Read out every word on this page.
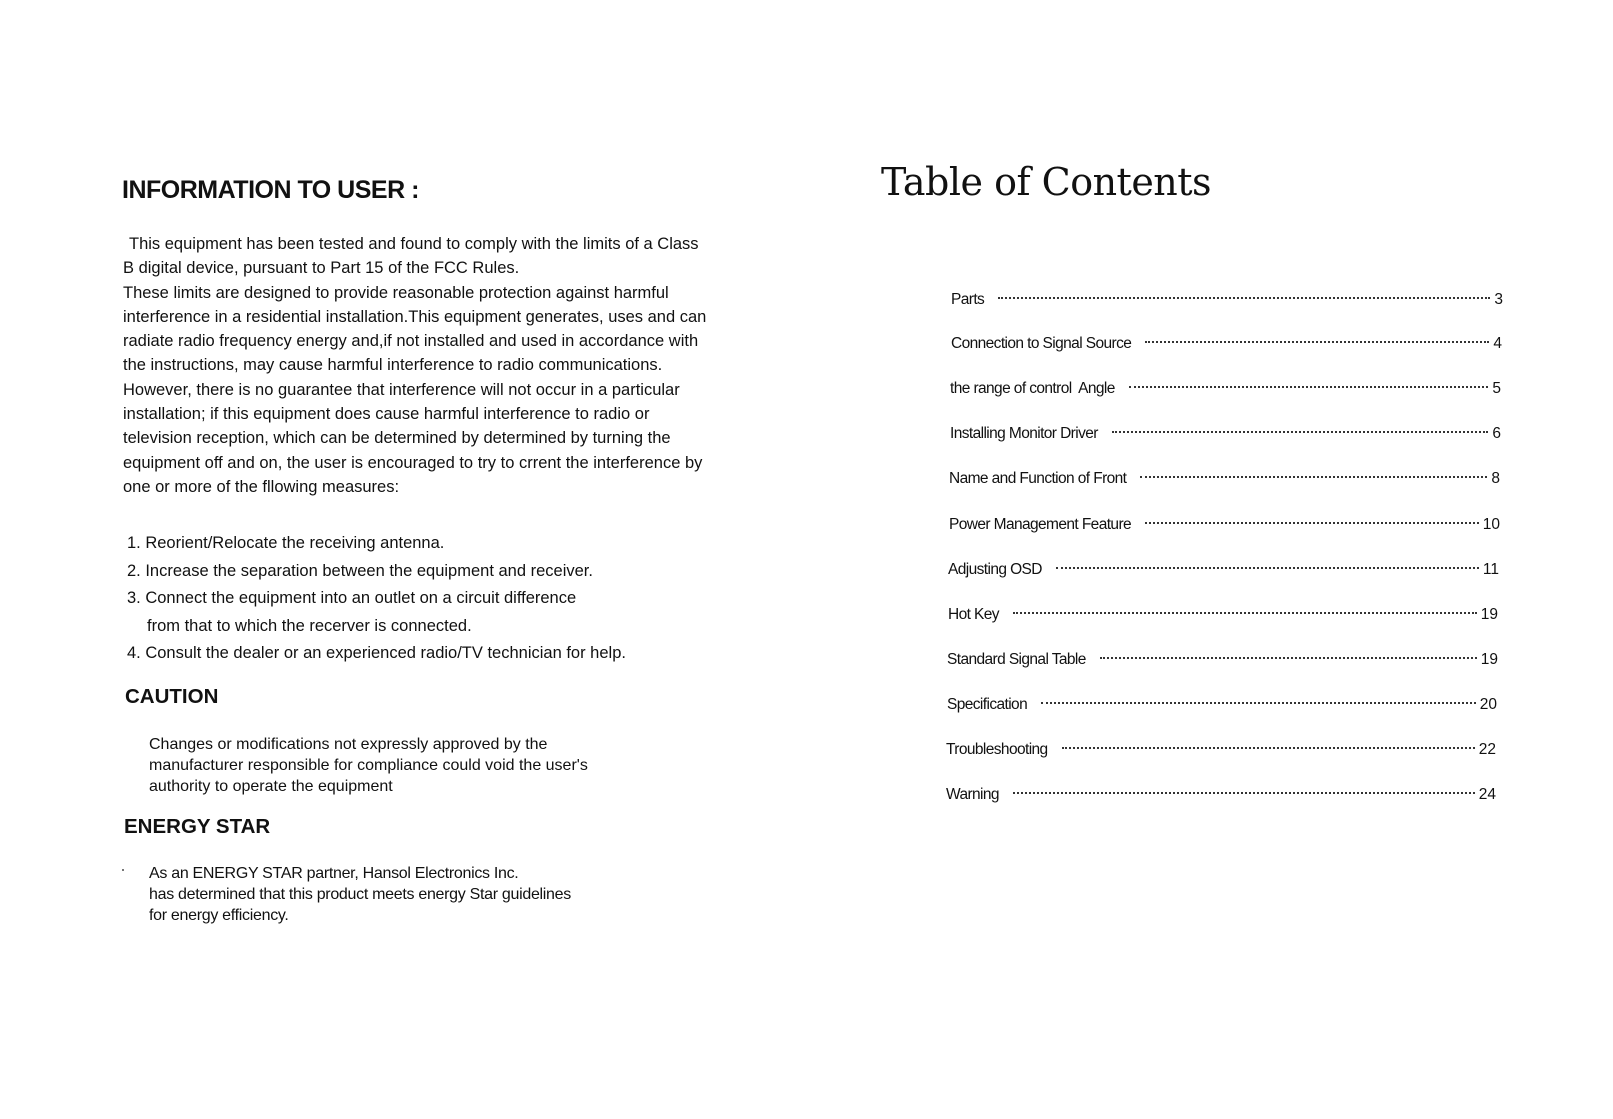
INFORMATION TO USER :

This equipment has been tested and found to comply with the limits of a Class
B digital device, pursuant to Part 15 of the FCC Rules.
These limits are designed to provide reasonable protection against harmful
interference in a residential installation.This equipment generates, uses and can
radiate radio frequency energy and,if not installed and used in accordance with
the instructions, may cause harmful interference to radio communications.
However, there is no guarantee that interference will not occur in a particular
installation; if this equipment does cause harmful interference to radio or
television reception, which can be determined by determined by turning the
equipment off and on, the user is encouraged to try to crrent the interference by
one or more of the fllowing measures:

1. Reorient/Relocate the receiving antenna.
2. Increase the separation between the equipment and receiver.
3. Connect the equipment into an outlet on a circuit difference
from that to which the recerver is connected.
4. Consult the dealer or an experienced radio/TV technician for help.
CAUTION

Changes or modifications not expressly approved by the
manufacturer responsible for compliance could void the user's
authority to operate the equipment

ENERGY STAR

As an ENERGY STAR partner, Hansol Electronics Inc.
has determined that this product meets energy Star guidelines
for energy efficiency.

Table of Contents
Parts	3
Connection to Signal Source	4
the range of control  Angle	5
Installing Monitor Driver	6
Name and Function of Front	8
Power Management Feature	10
Adjusting OSD	11
Hot Key	19
Standard Signal Table	19
Specification	20
Troubleshooting	22
Warning	24
